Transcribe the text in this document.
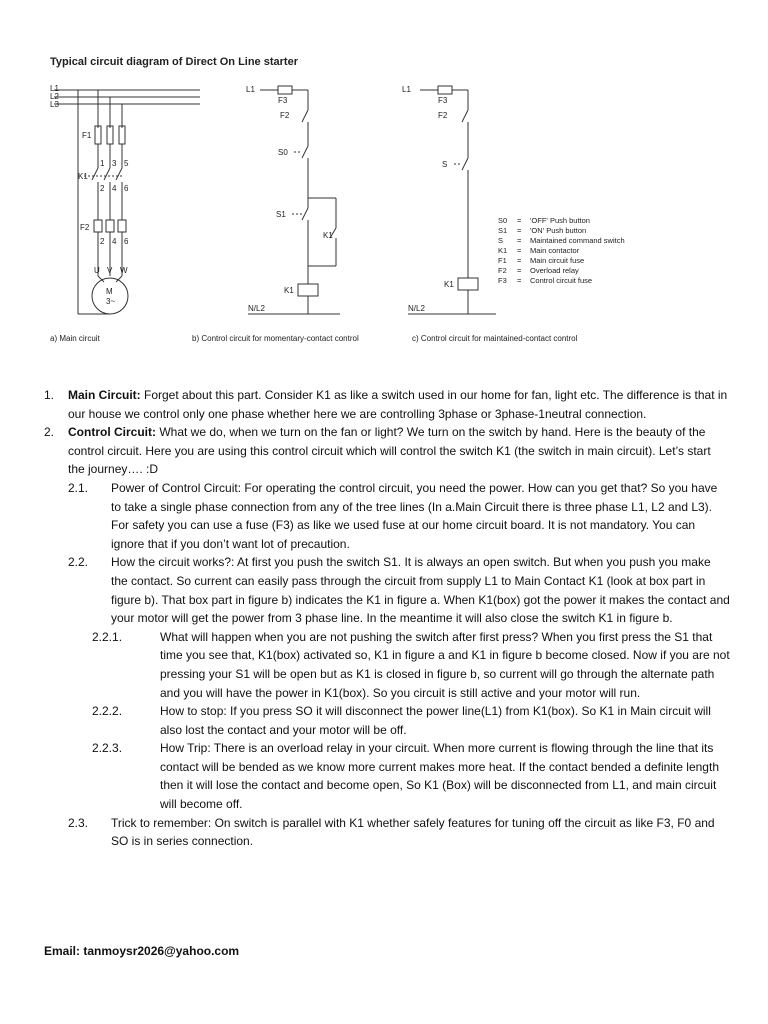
Typical circuit diagram of Direct On Line starter
L1
L2
L3
F1
1 3 5
K1
2 4 6
F2
2 4 6
U V W
M
3~
L1
F3
F2
S0
S1
K1
K1
N/L2
L1
F3
F2
S
K1
N/L2
S0 = 'OFF' Push button
S1 = 'ON' Push button
S = Maintained command switch
K1 = Main contactor
F1 = Main circuit fuse
F2 = Overload relay
F3 = Control circuit fuse
a) Main circuit	b) Control circuit for momentary-contact control	c) Control circuit for maintained-contact control
1. Main Circuit: Forget about this part. Consider K1 as like a switch used in our home for fan, light etc. The difference is that in our house we control only one phase whether here we are controlling 3phase or 3phase-1neutral connection.
2. Control Circuit: What we do, when we turn on the fan or light? We turn on the switch by hand. Here is the beauty of the control circuit. Here you are using this control circuit which will control the switch K1 (the switch in main circuit). Let’s start the journey…. :D
2.1. Power of Control Circuit: For operating the control circuit, you need the power. How can you get that? So you have to take a single phase connection from any of the tree lines (In a.Main Circuit there is three phase L1, L2 and L3). For safety you can use a fuse (F3) as like we used fuse at our home circuit board. It is not mandatory. You can ignore that if you don’t want lot of precaution.
2.2. How the circuit works?: At first you push the switch S1. It is always an open switch. But when you push you make the contact. So current can easily pass through the circuit from supply L1 to Main Contact K1 (look at box part in figure b). That box part in figure b) indicates the K1 in figure a. When K1(box) got the power it makes the contact and your motor will get the power from 3 phase line. In the meantime it will also close the switch K1 in figure b.
2.2.1.	What will happen when you are not pushing the switch after first press? When you first press the S1 that time you see that, K1(box) activated so, K1 in figure a and K1 in figure b become closed. Now if you are not pressing your S1 will be open but as K1 is closed in figure b, so current will go through the alternate path and you will have the power in K1(box). So you circuit is still active and your motor will run.
2.2.2.	How to stop: If you press SO it will disconnect the power line(L1) from K1(box). So K1 in Main circuit will also lost the contact and your motor will be off.
2.2.3.	How Trip: There is an overload relay in your circuit. When more current is flowing through the line that its contact will be bended as we know more current makes more heat. If the contact bended a definite length then it will lose the contact and become open, So K1 (Box) will be disconnected from L1, and main circuit will become off.
2.3. Trick to remember: On switch is parallel with K1 whether safely features for tuning off the circuit as like F3, F0 and SO is in series connection.
Email: tanmoysr2026@yahoo.com
